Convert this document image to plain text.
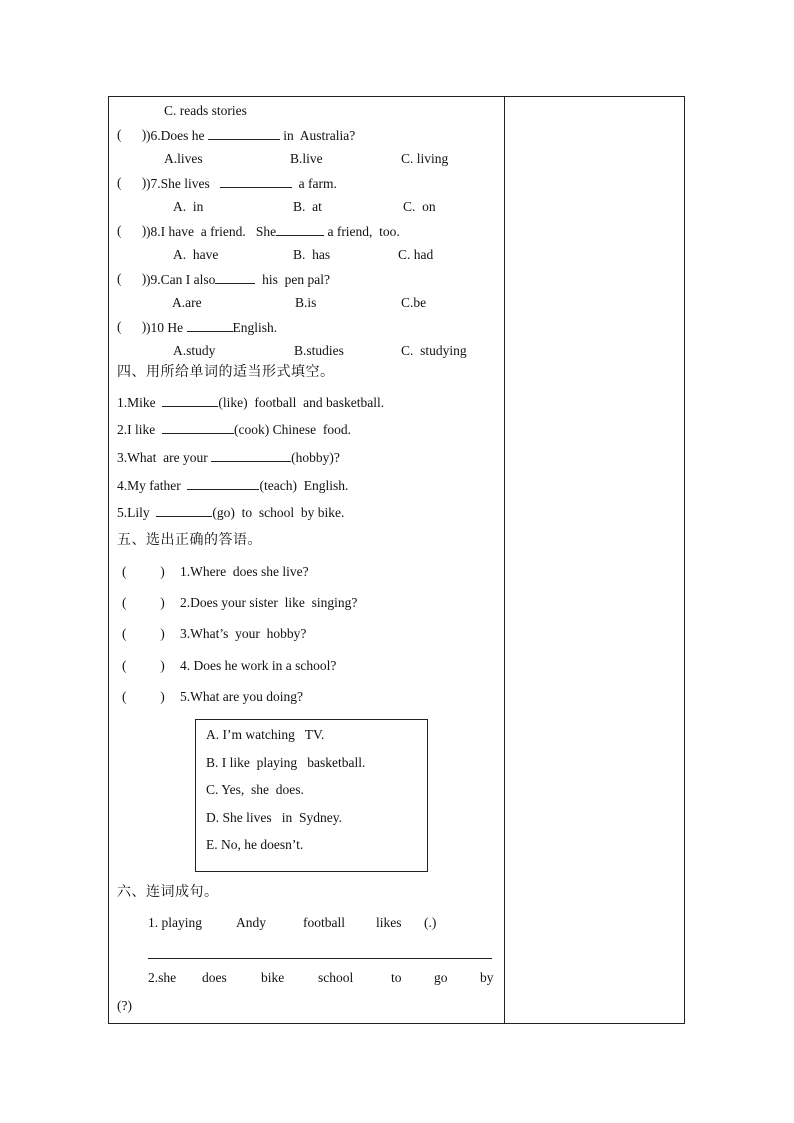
C. reads stories
(      ) )6.Does he	in  Australia?
A.lives	B.live	C. living
(      ) )7.She lives	a farm.
A.  in	B.  at	C.  on
(      ) )8.I have  a friend.   She	a friend,  too.
A.  have	B.  has	C. had
(      ) )9.Can I also	his  pen pal?
A.are	B.is	C.be
(      ) )10 He	English.
A.study	B.studies	C.  studying
四、用所给单词的适当形式填空。
1.Mike	(like)  football  and basketball.
2.I like	(cook) Chinese  food.
3.What  are your	(hobby)?
4.My father	(teach)  English.
5.Lily	(go)  to  school  by bike.
五、选出正确的答语。
(          ) 1.Where  does she live?
(          ) 2.Does your sister  like  singing?
(          ) 3.What’s  your  hobby?
(          ) 4. Does he work in a school?
(          ) 5.What are you doing?
A. I’m watching   TV.
B. I like  playing   basketball.
C. Yes,  she  does.
D. She lives   in  Sydney.
E. No, he doesn’t.
六、连词成句。
1. playing	Andy	football likes (.)
2.she does	bike	school	to go by
(?)
